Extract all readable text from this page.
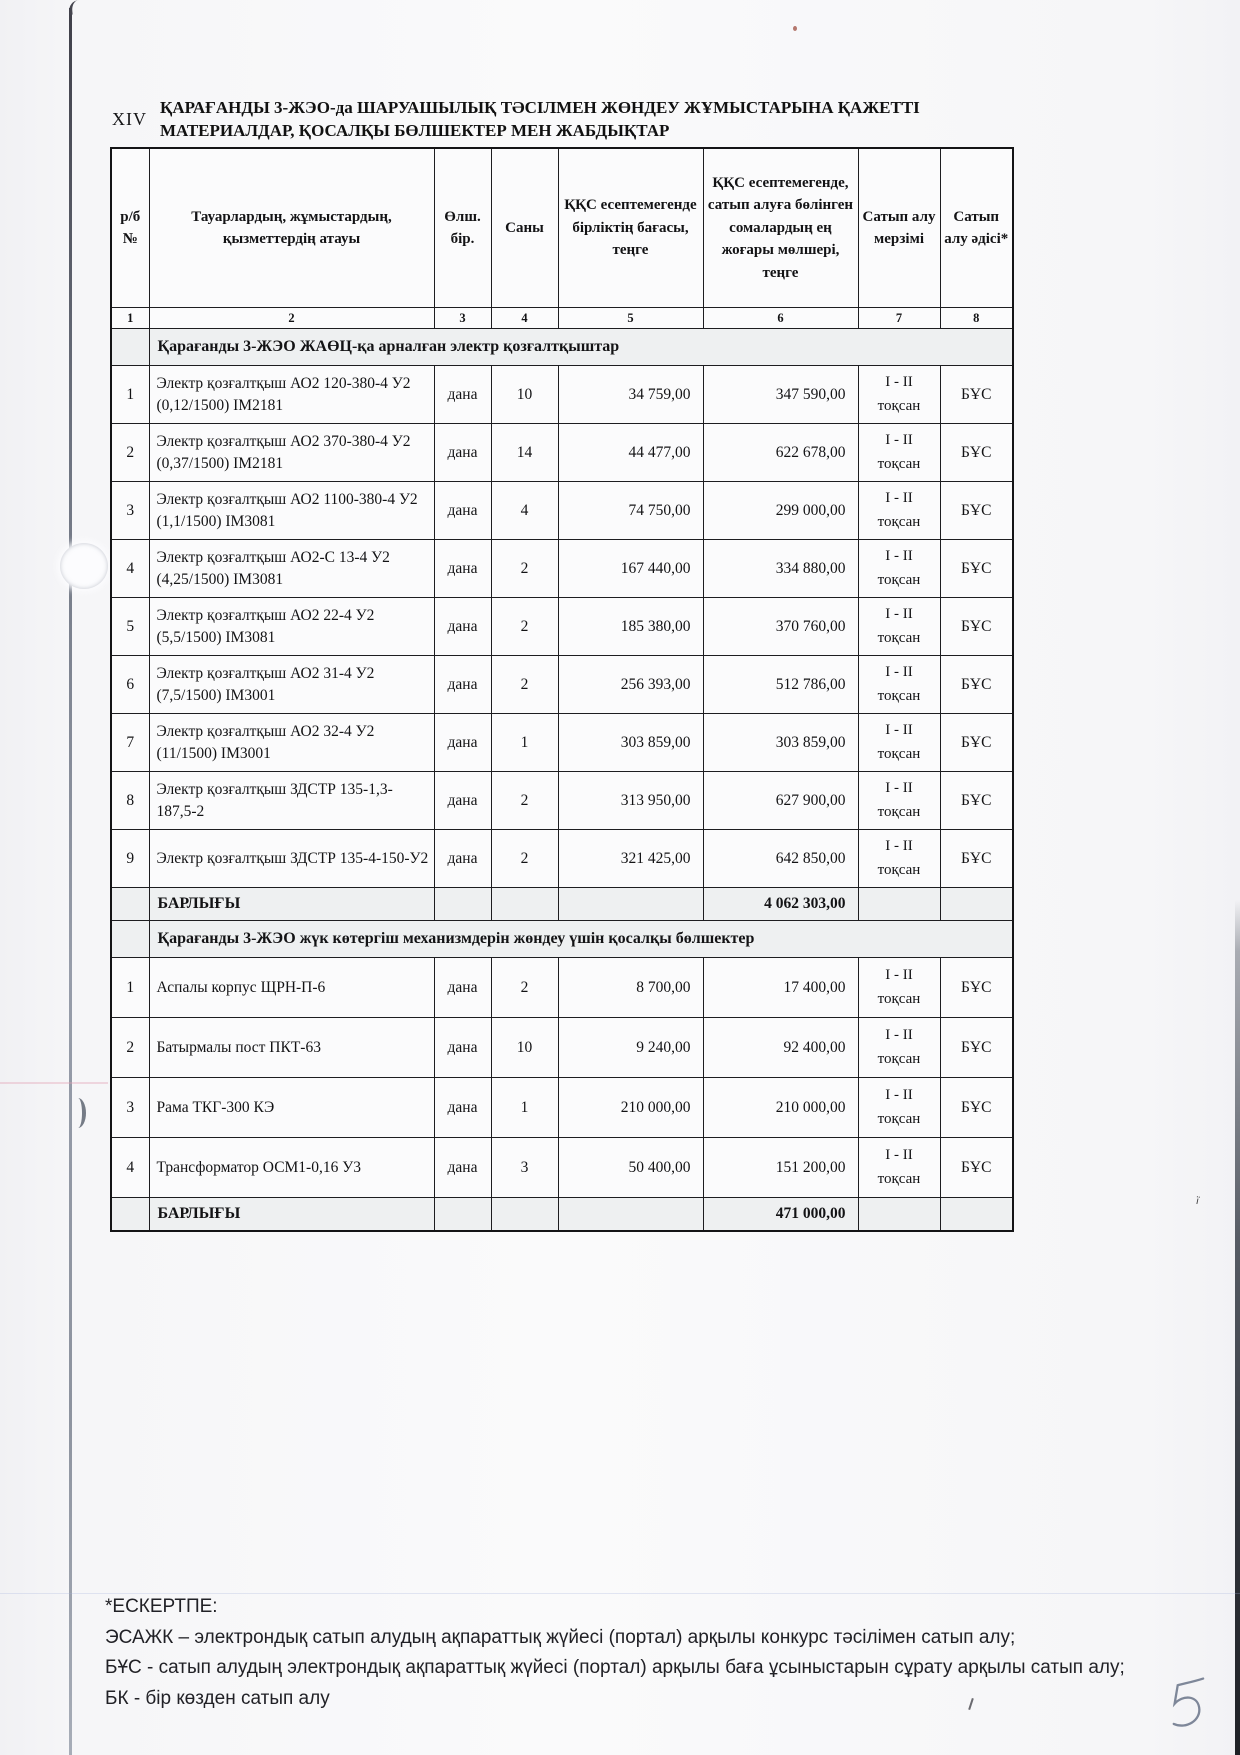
ї
XIV
ҚАРАҒАНДЫ 3-ЖЭО-да ШАРУАШЫЛЫҚ ТӘСІЛМЕН ЖӨНДЕУ ЖҰМЫСТАРЫНА ҚАЖЕТТІ МАТЕРИАЛДАР, ҚОСАЛҚЫ БӨЛШЕКТЕР МЕН ЖАБДЫҚТАР
р/б №	Тауарлардың, жұмыстардың, қызметтердің атауы	Өлш. бір.	Саны	ҚҚС есептемегенде бірліктің бағасы, теңге	ҚҚС есептемегенде, сатып алуға бөлінген сомалардың ең жоғары мөлшері, теңге	Сатып алу мерзімі	Сатып алу әдісі*
1	2	3	4	5	6	7	8
	Қарағанды 3-ЖЭО ЖАӨЦ-қа арналған электр қозғалтқыштар						
1	Электр қозғалтқыш АО2 120-380-4 У2 (0,12/1500) IM2181	дана	10	34 759,00	347 590,00	I - II тоқсан	БҰС
2	Электр қозғалтқыш АО2 370-380-4 У2 (0,37/1500) IM2181	дана	14	44 477,00	622 678,00	I - II тоқсан	БҰС
3	Электр қозғалтқыш АО2 1100-380-4 У2 (1,1/1500) IM3081	дана	4	74 750,00	299 000,00	I - II тоқсан	БҰС
4	Электр қозғалтқыш АО2-С 13-4 У2 (4,25/1500) IM3081	дана	2	167 440,00	334 880,00	I - II тоқсан	БҰС
5	Электр қозғалтқыш АО2 22-4 У2 (5,5/1500) IM3081	дана	2	185 380,00	370 760,00	I - II тоқсан	БҰС
6	Электр қозғалтқыш АО2 31-4 У2 (7,5/1500) IM3001	дана	2	256 393,00	512 786,00	I - II тоқсан	БҰС
7	Электр қозғалтқыш АО2 32-4 У2 (11/1500) IM3001	дана	1	303 859,00	303 859,00	I - II тоқсан	БҰС
8	Электр қозғалтқыш ЗДСТР 135-1,3-187,5-2	дана	2	313 950,00	627 900,00	I - II тоқсан	БҰС
9	Электр қозғалтқыш ЗДСТР 135-4-150-У2	дана	2	321 425,00	642 850,00	I - II тоқсан	БҰС
	БАРЛЫҒЫ				4 062 303,00		
	Қарағанды 3-ЖЭО жүк көтергіш механизмдерін жөндеу үшін қосалқы бөлшектер						
1	Аспалы корпус ЩРН-П-6	дана	2	8 700,00	17 400,00	I - II тоқсан	БҰС
2	Батырмалы пост ПКТ-63	дана	10	9 240,00	92 400,00	I - II тоқсан	БҰС
3	Рама ТКГ-300 КЭ	дана	1	210 000,00	210 000,00	I - II тоқсан	БҰС
4	Трансформатор ОСМ1-0,16 У3	дана	3	50 400,00	151 200,00	I - II тоқсан	БҰС
	БАРЛЫҒЫ				471 000,00		
*ЕСКЕРТПЕ:
ЭСАЖК – электрондық сатып алудың ақпараттық жүйесі (портал) арқылы конкурс тәсілімен сатып алу;
БҰС - сатып алудың электрондық ақпараттық жүйесі (портал) арқылы баға ұсыныстарын сұрату арқылы сатып алу;
БК - бір көзден сатып алу
